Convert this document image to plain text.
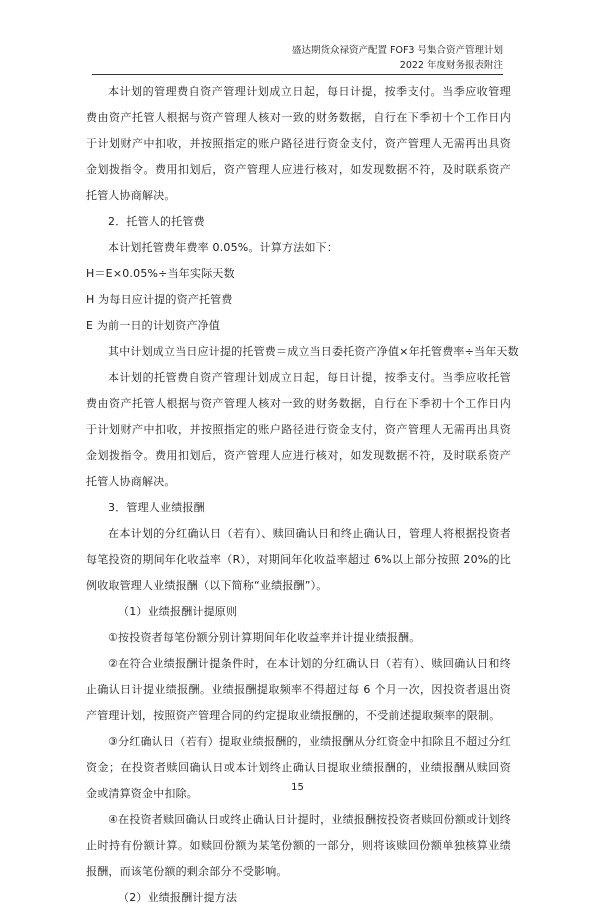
盛达期货众禄资产配置 FOF3 号集合资产管理计划
2022 年度财务报表附注

本计划的管理费自资产管理计划成立日起，每日计提，按季支付。当季应收管理费由资产托管人根据与资产管理人核对一致的财务数据，自行在下季初十个工作日内于计划财产中扣收，并按照指定的账户路径进行资金支付，资产管理人无需再出具资金划拨指令。费用扣划后，资产管理人应进行核对，如发现数据不符，及时联系资产托管人协商解决。

2．托管人的托管费

本计划托管费年费率 0.05%。计算方法如下：

H＝E×0.05%÷当年实际天数

H 为每日应计提的资产托管费

E 为前一日的计划资产净值

其中计划成立当日应计提的托管费＝成立当日委托资产净值×年托管费率÷当年天数

本计划的托管费自资产管理计划成立日起，每日计提，按季支付。当季应收托管费由资产托管人根据与资产管理人核对一致的财务数据，自行在下季初十个工作日内于计划财产中扣收，并按照指定的账户路径进行资金支付，资产管理人无需再出具资金划拨指令。费用扣划后，资产管理人应进行核对，如发现数据不符，及时联系资产托管人协商解决。

3．管理人业绩报酬

在本计划的分红确认日（若有）、赎回确认日和终止确认日，管理人将根据投资者每笔投资的期间年化收益率（R），对期间年化收益率超过 6%以上部分按照 20%的比例收取管理人业绩报酬（以下简称“业绩报酬”）。

（1）业绩报酬计提原则

①按投资者每笔份额分别计算期间年化收益率并计提业绩报酬。

②在符合业绩报酬计提条件时，在本计划的分红确认日（若有）、赎回确认日和终止确认日计提业绩报酬。业绩报酬提取频率不得超过每 6 个月一次，因投资者退出资产管理计划，按照资产管理合同的约定提取业绩报酬的，不受前述提取频率的限制。

③分红确认日（若有）提取业绩报酬的，业绩报酬从分红资金中扣除且不超过分红资金；在投资者赎回确认日或本计划终止确认日提取业绩报酬的，业绩报酬从赎回资金或清算资金中扣除。

④在投资者赎回确认日或终止确认日计提时，业绩报酬按投资者赎回份额或计划终止时持有份额计算。如赎回份额为某笔份额的一部分，则将该赎回份额单独核算业绩报酬，而该笔份额的剩余部分不受影响。

（2）业绩报酬计提方法

15
